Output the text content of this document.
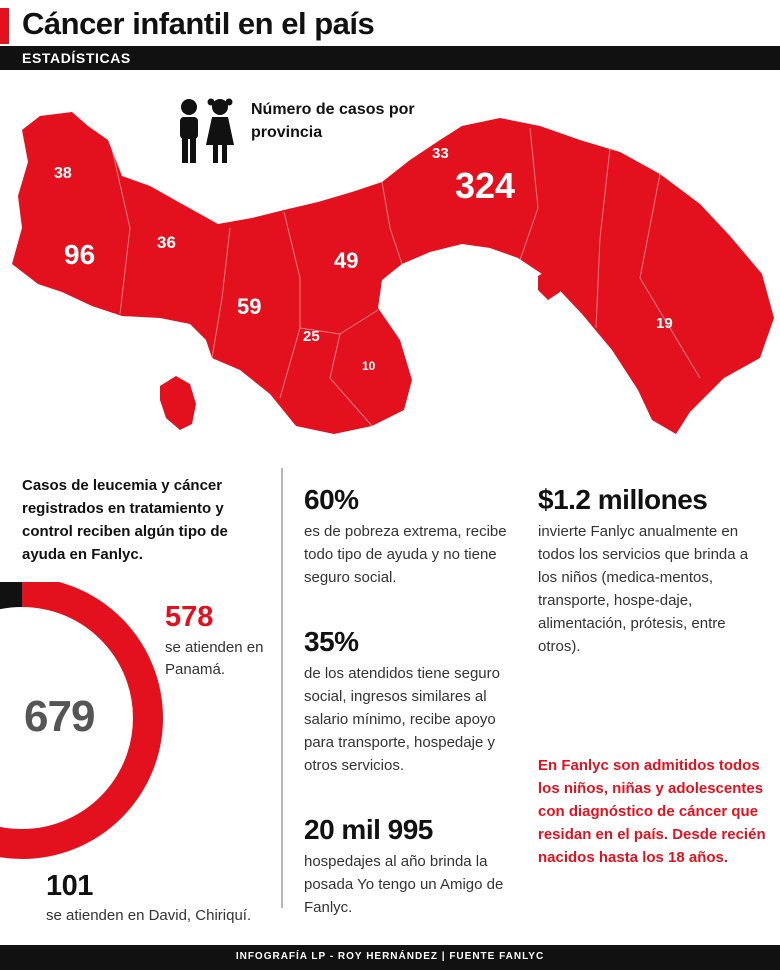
Cáncer infantil en el país
ESTADÍSTICAS
38
96	36
59
49
25
10
33
324
19

Número de casos por provincia

Casos de leucemia y cáncer registrados en tratamiento y control reciben algún tipo de ayuda en Fanlyc.

679
578

se atienden en Panamá.

101

se atienden en David, Chiriquí.

60%

es de pobreza extrema, recibe todo tipo de ayuda y no tiene seguro social.

35%

de los atendidos tiene seguro social, ingresos similares al salario mínimo, recibe apoyo para transporte, hospedaje y otros servicios.

20 mil 995

hospedajes al año brinda la posada Yo tengo un Amigo de Fanlyc.

$1.2 millones

invierte Fanlyc anualmente en todos los servicios que brinda a los niños (medica-mentos, transporte, hospe-daje, alimentación, prótesis, entre otros).

En Fanlyc son admitidos todos los niños, niñas y adolescentes con diagnóstico de cáncer que residan en el país. Desde recién nacidos hasta los 18 años.

INFOGRAFÍA LP - ROY HERNÁNDEZ | FUENTE FANLYC
